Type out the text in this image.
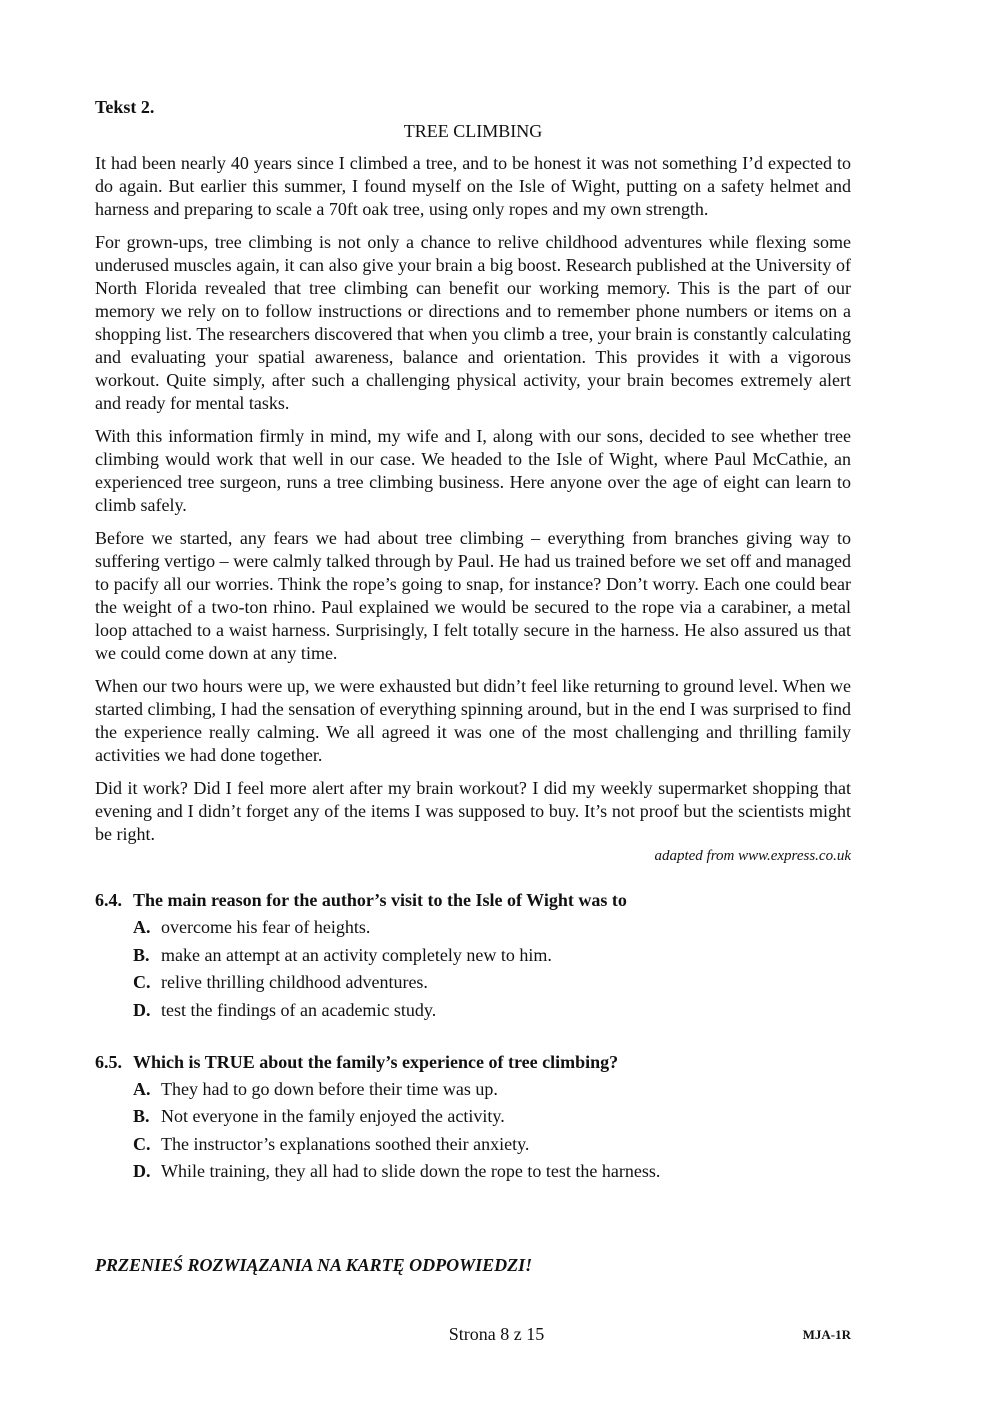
Tekst 2.

TREE CLIMBING

It had been nearly 40 years since I climbed a tree, and to be honest it was not something I’d expected to do again. But earlier this summer, I found myself on the Isle of Wight, putting on a safety helmet and harness and preparing to scale a 70ft oak tree, using only ropes and my own strength.

For grown-ups, tree climbing is not only a chance to relive childhood adventures while flexing some underused muscles again, it can also give your brain a big boost. Research published at the University of North Florida revealed that tree climbing can benefit our working memory. This is the part of our memory we rely on to follow instructions or directions and to remember phone numbers or items on a shopping list. The researchers discovered that when you climb a tree, your brain is constantly calculating and evaluating your spatial awareness, balance and orientation. This provides it with a vigorous workout. Quite simply, after such a challenging physical activity, your brain becomes extremely alert and ready for mental tasks.

With this information firmly in mind, my wife and I, along with our sons, decided to see whether tree climbing would work that well in our case. We headed to the Isle of Wight, where Paul McCathie, an experienced tree surgeon, runs a tree climbing business. Here anyone over the age of eight can learn to climb safely.

Before we started, any fears we had about tree climbing – everything from branches giving way to suffering vertigo – were calmly talked through by Paul. He had us trained before we set off and managed to pacify all our worries. Think the rope’s going to snap, for instance? Don’t worry. Each one could bear the weight of a two-ton rhino. Paul explained we would be secured to the rope via a carabiner, a metal loop attached to a waist harness. Surprisingly, I felt totally secure in the harness. He also assured us that we could come down at any time.

When our two hours were up, we were exhausted but didn’t feel like returning to ground level. When we started climbing, I had the sensation of everything spinning around, but in the end I was surprised to find the experience really calming. We all agreed it was one of the most challenging and thrilling family activities we had done together.

Did it work? Did I feel more alert after my brain workout? I did my weekly supermarket shopping that evening and I didn’t forget any of the items I was supposed to buy. It’s not proof but the scientists might be right.

adapted from www.express.co.uk

6.4. The main reason for the author’s visit to the Isle of Wight was to
A. overcome his fear of heights.
B. make an attempt at an activity completely new to him.
C. relive thrilling childhood adventures.
D. test the findings of an academic study.
6.5. Which is TRUE about the family’s experience of tree climbing?
A. They had to go down before their time was up.
B. Not everyone in the family enjoyed the activity.
C. The instructor’s explanations soothed their anxiety.
D. While training, they all had to slide down the rope to test the harness.

PRZENIEŚ ROZWIĄZANIA NA KARTĘ ODPOWIEDZI!

Strona 8 z 15	MJA-1R
